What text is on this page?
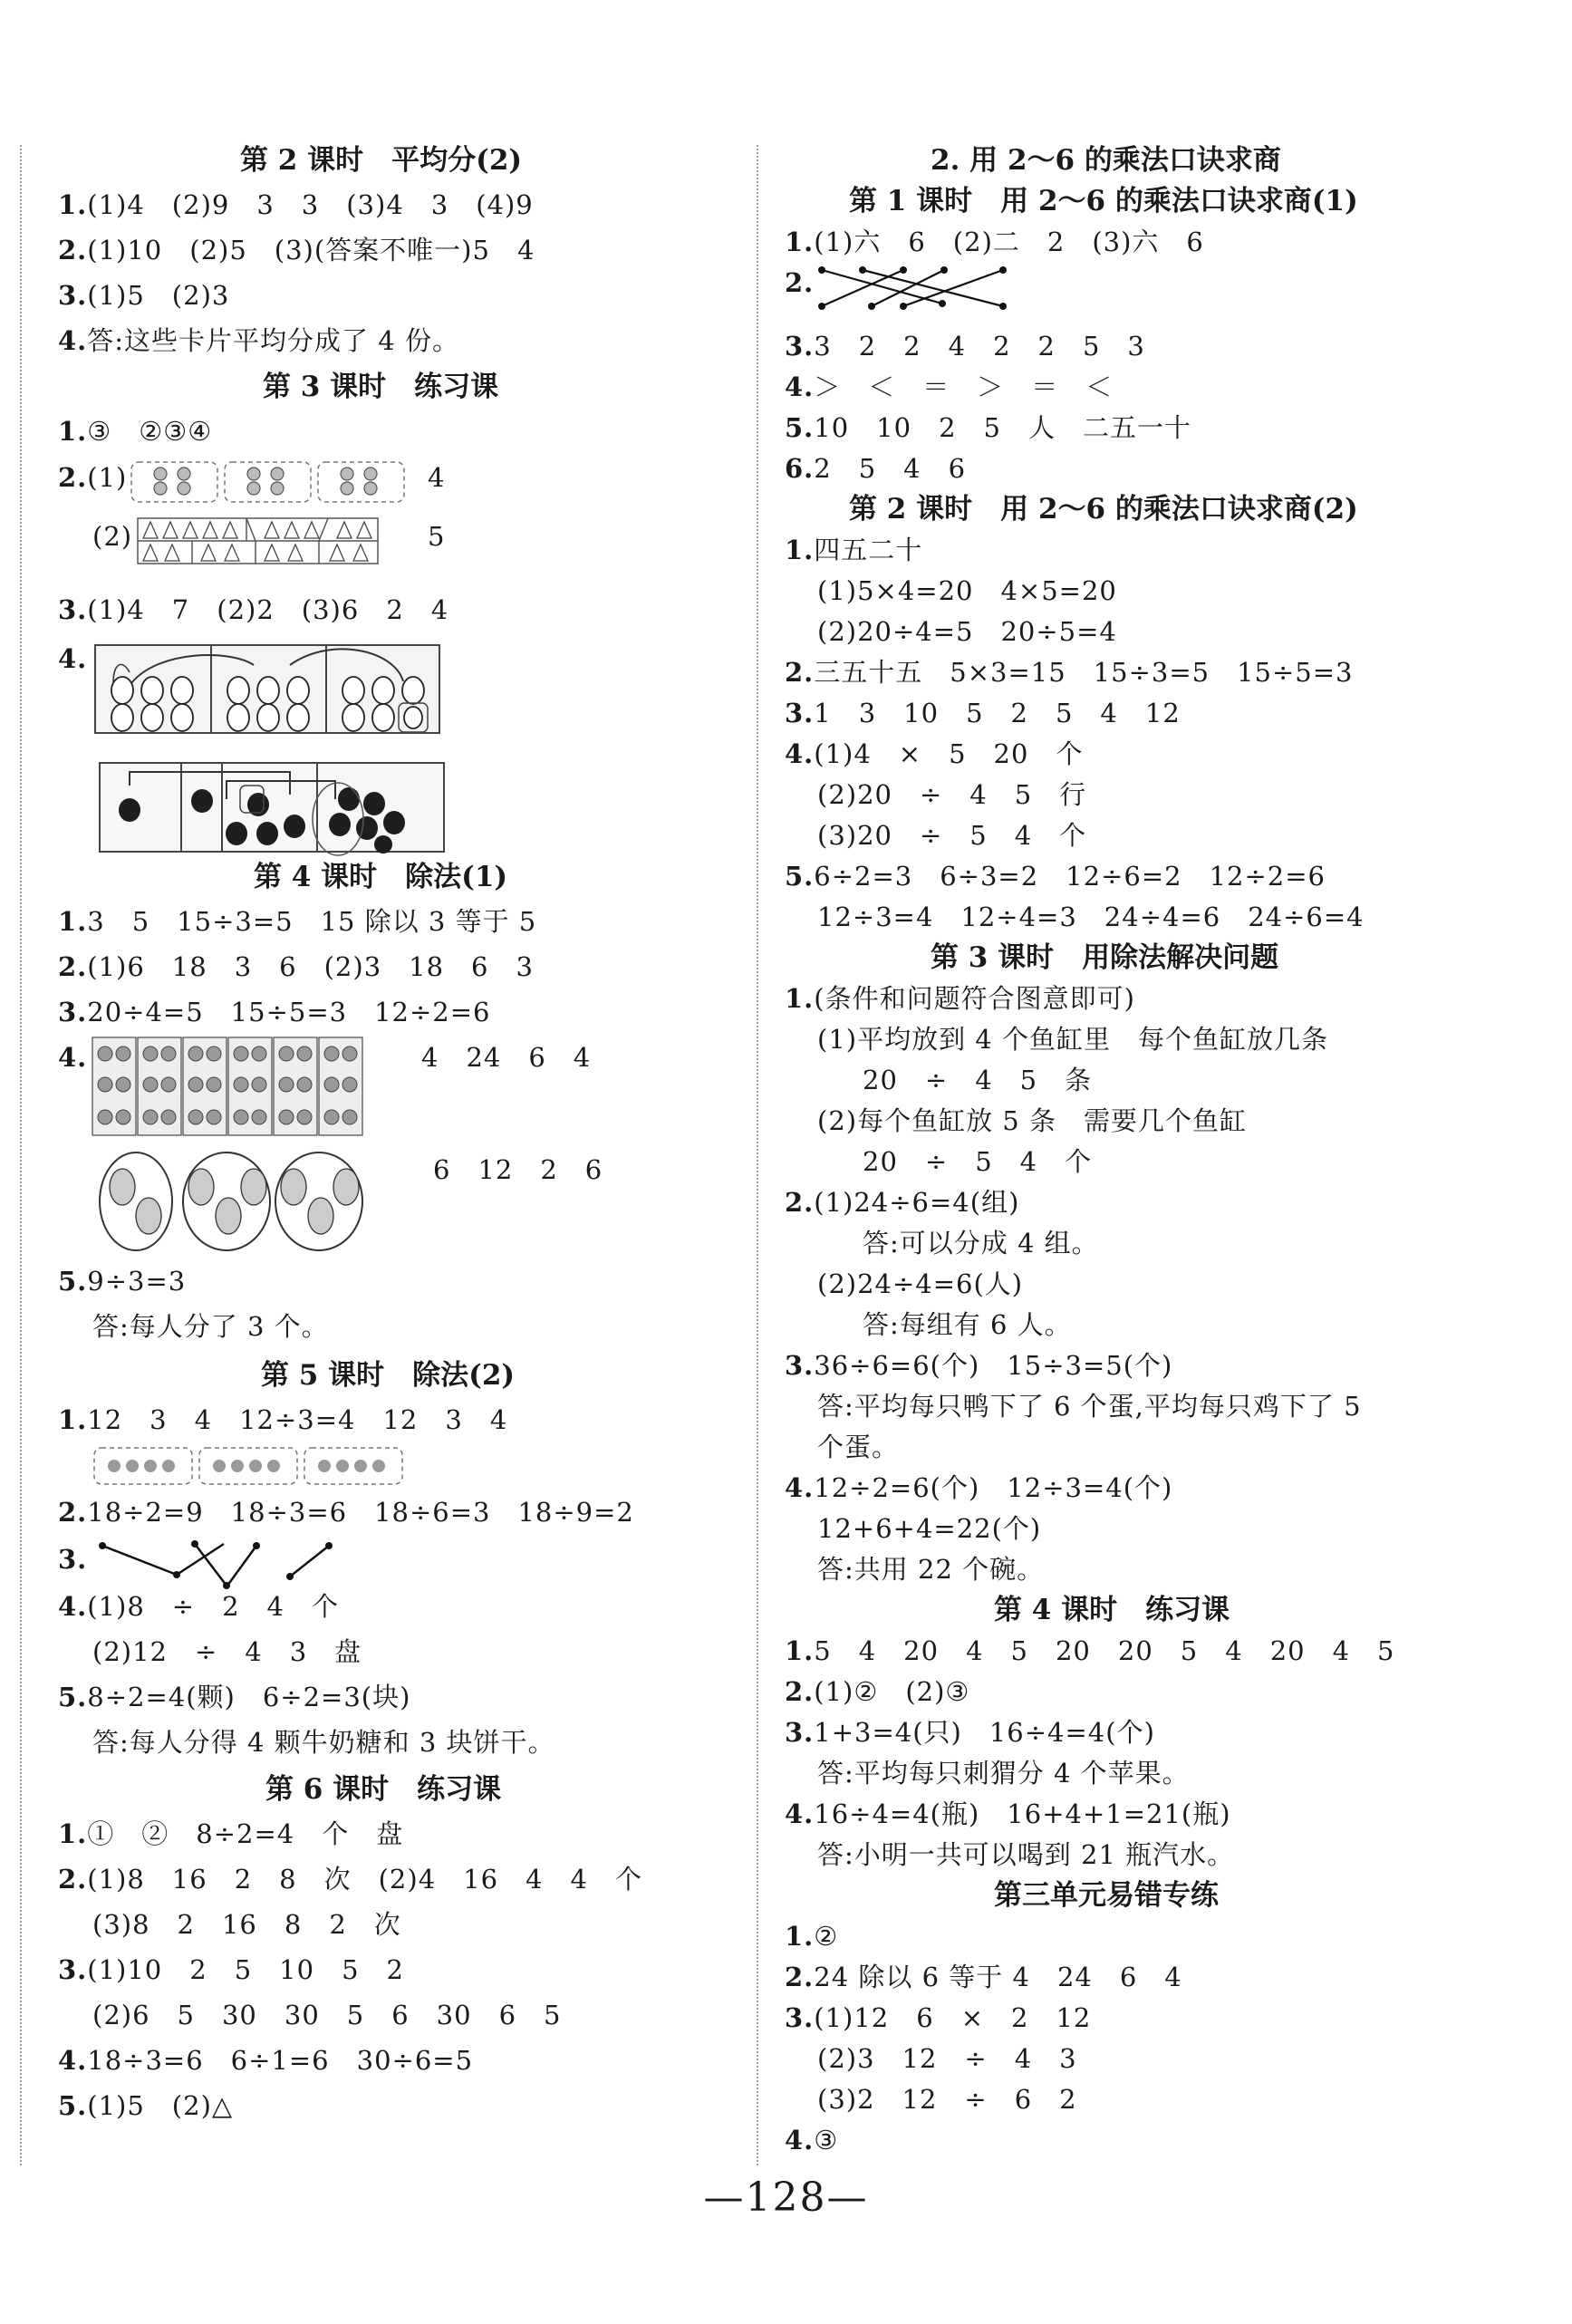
第 2 课时　平均分(2)
1.(1)4　(2)9　3　3　(3)4　3　(4)9
2.(1)10　(2)5　(3)(答案不唯一)5　4
3.(1)5　(2)3
4.答:这些卡片平均分成了 4 份。
第 3 课时　练习课
1.③　②③④
2.(1)	4
(2)	5
3.(1)4　7　(2)2　(3)6　2　4
4.
第 4 课时　除法(1)
1.3　5　15÷3=5　15 除以 3 等于 5
2.(1)6　18　3　6　(2)3　18　6　3
3.20÷4=5　15÷5=3　12÷2=6
4.	4　24　6　4
6　12　2　6
5.9÷3=3
答:每人分了 3 个。
第 5 课时　除法(2)
1.12　3　4　12÷3=4　12　3　4
2.18÷2=9　18÷3=6　18÷6=3　18÷9=2
3.
4.(1)8　÷　2　4　个
(2)12　÷　4　3　盘
5.8÷2=4(颗)　6÷2=3(块)
答:每人分得 4 颗牛奶糖和 3 块饼干。
第 6 课时　练习课
1.①　②　8÷2=4　个　盘
2.(1)8　16　2　8　次　(2)4　16　4　4　个
(3)8　2　16　8　2　次
3.(1)10　2　5　10　5　2
(2)6　5　30　30　5　6　30　6　5
4.18÷3=6　6÷1=6　30÷6=5
5.(1)5　(2)△
2. 用 2～6 的乘法口诀求商
第 1 课时　用 2～6 的乘法口诀求商(1)
1.(1)六　6　(2)二　2　(3)六　6
2.
3.3　2　2　4　2　2　5　3
4.＞　＜　＝　＞　＝　＜
5.10　10　2　5　人　二五一十
6.2　5　4　6
第 2 课时　用 2～6 的乘法口诀求商(2)
1.四五二十
(1)5×4=20　4×5=20
(2)20÷4=5　20÷5=4
2.三五十五　5×3=15　15÷3=5　15÷5=3
3.1　3　10　5　2　5　4　12
4.(1)4　×　5　20　个
(2)20　÷　4　5　行
(3)20　÷　5　4　个
5.6÷2=3　6÷3=2　12÷6=2　12÷2=6
12÷3=4　12÷4=3　24÷4=6　24÷6=4
第 3 课时　用除法解决问题
1.(条件和问题符合图意即可)
(1)平均放到 4 个鱼缸里　每个鱼缸放几条
20　÷　4　5　条
(2)每个鱼缸放 5 条　需要几个鱼缸
20　÷　5　4　个
2.(1)24÷6=4(组)
答:可以分成 4 组。
(2)24÷4=6(人)
答:每组有 6 人。
3.36÷6=6(个)　15÷3=5(个)
答:平均每只鸭下了 6 个蛋,平均每只鸡下了 5
个蛋。
4.12÷2=6(个)　12÷3=4(个)
12+6+4=22(个)
答:共用 22 个碗。
第 4 课时　练习课
1.5　4　20　4　5　20　20　5　4　20　4　5
2.(1)②　(2)③
3.1+3=4(只)　16÷4=4(个)
答:平均每只刺猬分 4 个苹果。
4.16÷4=4(瓶)　16+4+1=21(瓶)
答:小明一共可以喝到 21 瓶汽水。
第三单元易错专练
1.②
2.24 除以 6 等于 4　24　6　4
3.(1)12　6　×　2　12
(2)3　12　÷　4　3
(3)2　12　÷　6　2
4.③
—128—
